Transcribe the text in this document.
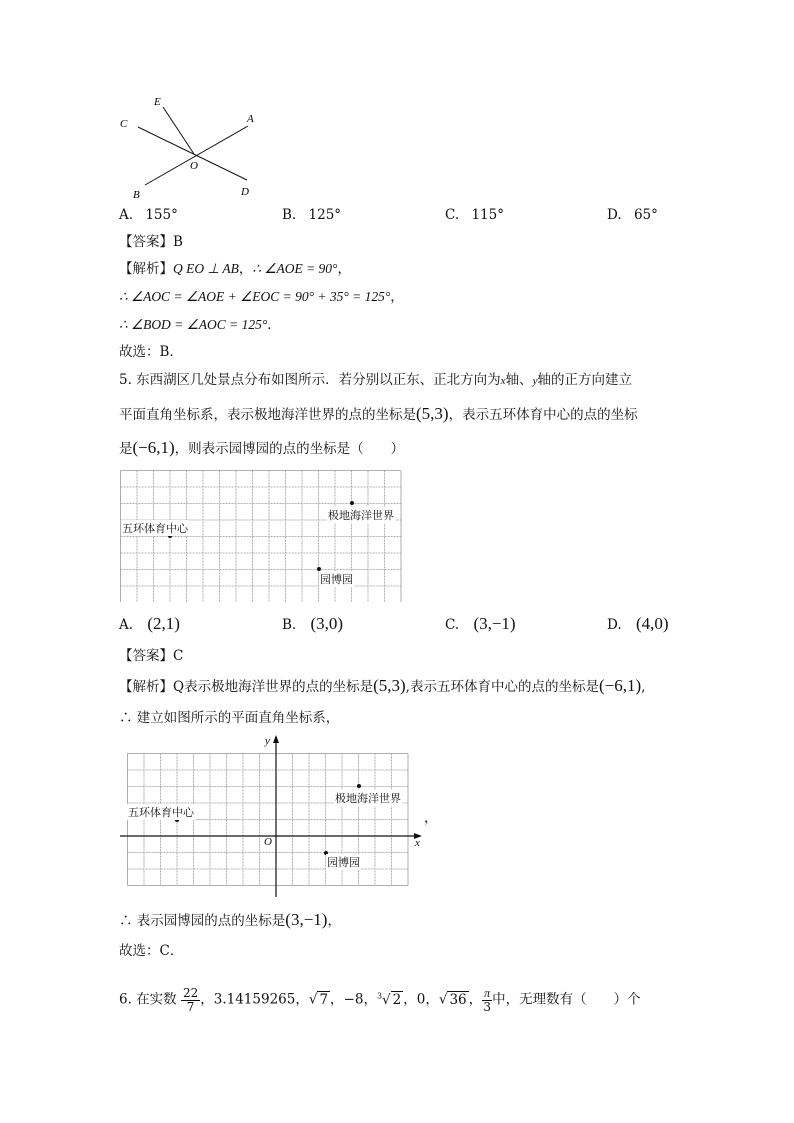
E
C	A
O
B	D
A. 155°	B. 125°	C. 115°	D. 65°
【答案】B
【解析】Q EO ⊥ AB，∴ ∠AOE = 90°，
∴ ∠AOC = ∠AOE + ∠EOC = 90° + 35° = 125°，
∴ ∠BOD = ∠AOC = 125°．
故选：B．
5. 东西湖区几处景点分布如图所示．若分别以正东、正北方向为x轴、y轴的正方向建立
平面直角坐标系，表示极地海洋世界的点的坐标是(5,3)，表示五环体育中心的点的坐标
是(−6,1)，则表示园博园的点的坐标是（　　）
极地海洋世界
五环体育中心
园博园
A. (2,1)	B. (3,0)	C. (3,−1)	D. (4,0)
【答案】C
【解析】Q表示极地海洋世界的点的坐标是(5,3),表示五环体育中心的点的坐标是(−6,1),
∴ 建立如图所示的平面直角坐标系，
y
x
O
极地海洋世界
五环体育中心
园博园
，
∴ 表示园博园的点的坐标是(3,−1)，
故选：C．
6. 在实数 $\frac{22}{7}$ ，3.14159265，√ 7 ，−8，$^3$√ 2 ，0，√ 36 ， $\frac{\pi}{3}$ 中，无理数有（　　）个
